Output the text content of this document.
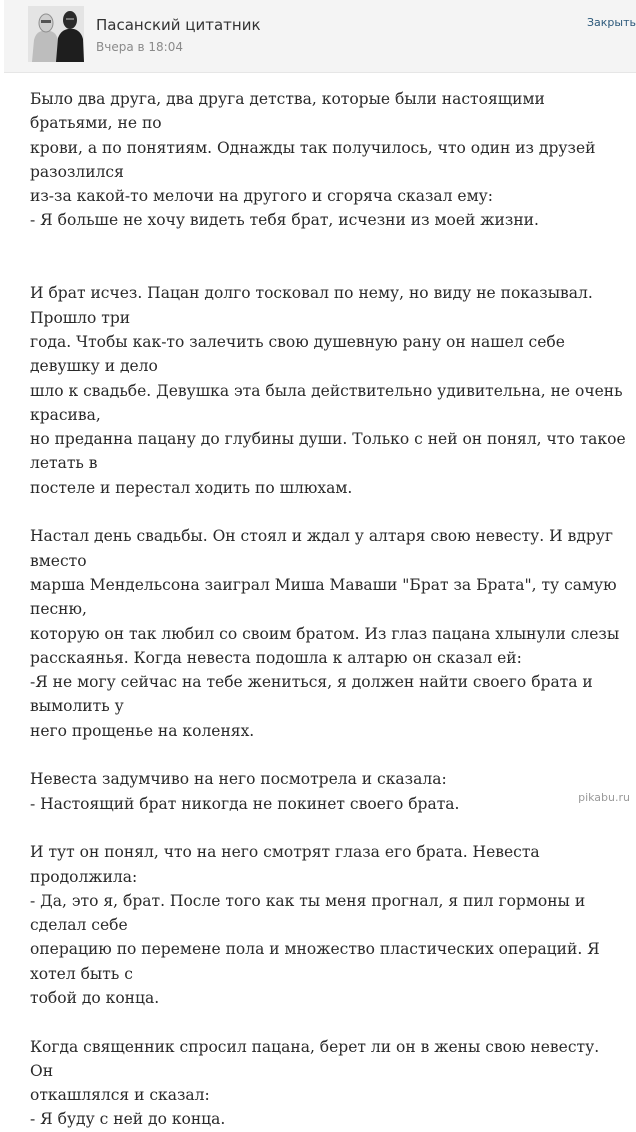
Пасанский цитатник
Вчера в 18:04
Закрыть

Было два друга, два друга детства, которые были настоящими братьями, не по

крови, а по понятиям. Однажды так получилось, что один из друзей разозлился

из-за какой-то мелочи на другого и сгоряча сказал ему:

- Я больше не хочу видеть тебя брат, исчезни из моей жизни.

И брат исчез. Пацан долго тосковал по нему, но виду не показывал. Прошло три

года. Чтобы как-то залечить свою душевную рану он нашел себе девушку и дело

шло к свадьбе. Девушка эта была действительно удивительна, не очень красива,

но преданна пацану до глубины души. Только с ней он понял, что такое летать в

постеле и перестал ходить по шлюхам.

Настал день свадьбы. Он стоял и ждал у алтаря свою невесту. И вдруг вместо

марша Мендельсона заиграл Миша Маваши "Брат за Брата", ту самую песню,

которую он так любил со своим братом. Из глаз пацана хлынули слезы

расскаянья. Когда невеста подошла к алтарю он сказал ей:

-Я не могу сейчас на тебе жениться, я должен найти своего брата и вымолить у

него прощенье на коленях.

Невеста задумчиво на него посмотрела и сказала:

- Настоящий брат никогда не покинет своего брата.

И тут он понял, что на него смотрят глаза его брата. Невеста продолжила:

- Да, это я, брат. После того как ты меня прогнал, я пил гормоны и сделал себе

операцию по перемене пола и множество пластических операций. Я хотел быть с

тобой до конца.

Когда священник спросил пацана, берет ли он в жены свою невесту. Он

откашлялся и сказал:

- Я буду с ней до конца.

pikabu.ru
